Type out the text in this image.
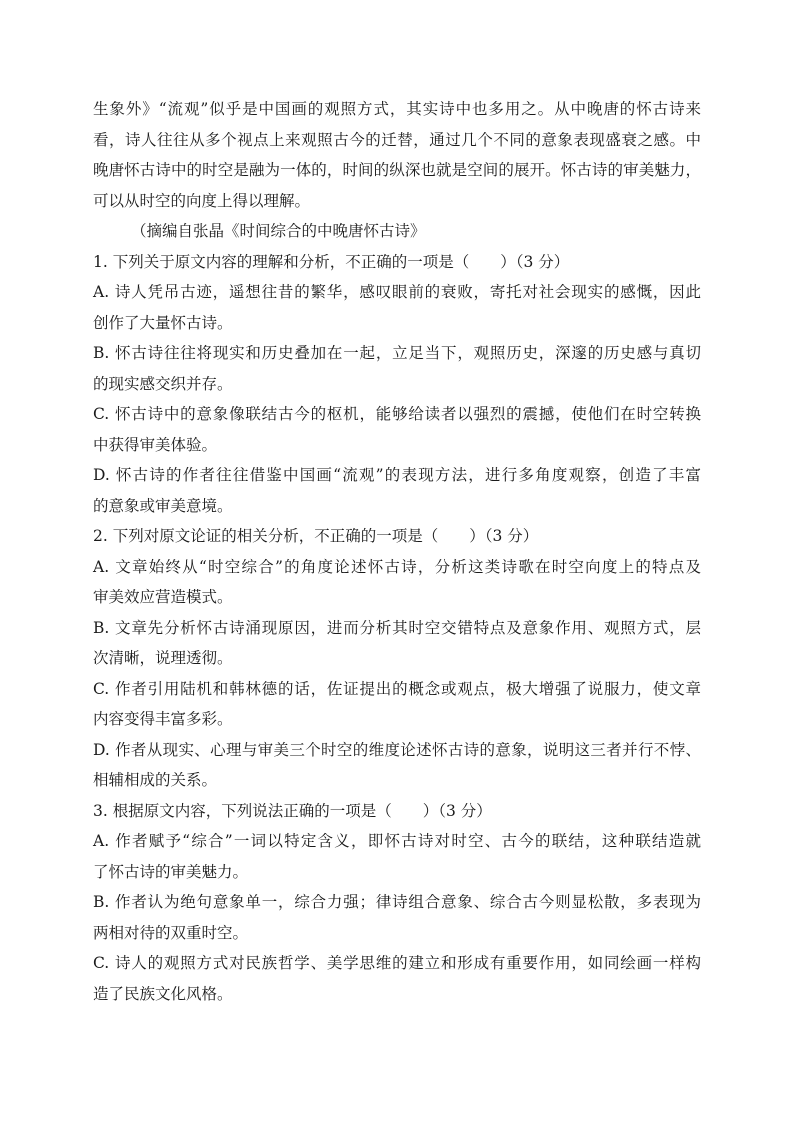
生象外》“流观”似乎是中国画的观照方式，其实诗中也多用之。从中晚唐的怀古诗来
看，诗人往往从多个视点上来观照古今的迁替，通过几个不同的意象表现盛衰之感。中
晚唐怀古诗中的时空是融为一体的，时间的纵深也就是空间的展开。怀古诗的审美魅力，
可以从时空的向度上得以理解。
（摘编自张晶《时间综合的中晚唐怀古诗》
1. 下列关于原文内容的理解和分析，不正确的一项是（　　）（3 分）
A. 诗人凭吊古迹，遥想往昔的繁华，感叹眼前的衰败，寄托对社会现实的感慨，因此
创作了大量怀古诗。
B. 怀古诗往往将现实和历史叠加在一起，立足当下，观照历史，深邃的历史感与真切
的现实感交织并存。
C. 怀古诗中的意象像联结古今的枢机，能够给读者以强烈的震撼，使他们在时空转换
中获得审美体验。
D. 怀古诗的作者往往借鉴中国画“流观”的表现方法，进行多角度观察，创造了丰富
的意象或审美意境。
2. 下列对原文论证的相关分析，不正确的一项是（　　）（3 分）
A. 文章始终从“时空综合”的角度论述怀古诗，分析这类诗歌在时空向度上的特点及
审美效应营造模式。
B. 文章先分析怀古诗涌现原因，进而分析其时空交错特点及意象作用、观照方式，层
次清晰，说理透彻。
C. 作者引用陆机和韩林德的话，佐证提出的概念或观点，极大增强了说服力，使文章
内容变得丰富多彩。
D. 作者从现实、心理与审美三个时空的维度论述怀古诗的意象，说明这三者并行不悖、
相辅相成的关系。
3. 根据原文内容，下列说法正确的一项是（　　）（3 分）
A. 作者赋予“综合”一词以特定含义，即怀古诗对时空、古今的联结，这种联结造就
了怀古诗的审美魅力。
B. 作者认为绝句意象单一，综合力强；律诗组合意象、综合古今则显松散，多表现为
两相对待的双重时空。
C. 诗人的观照方式对民族哲学、美学思维的建立和形成有重要作用，如同绘画一样构
造了民族文化风格。
